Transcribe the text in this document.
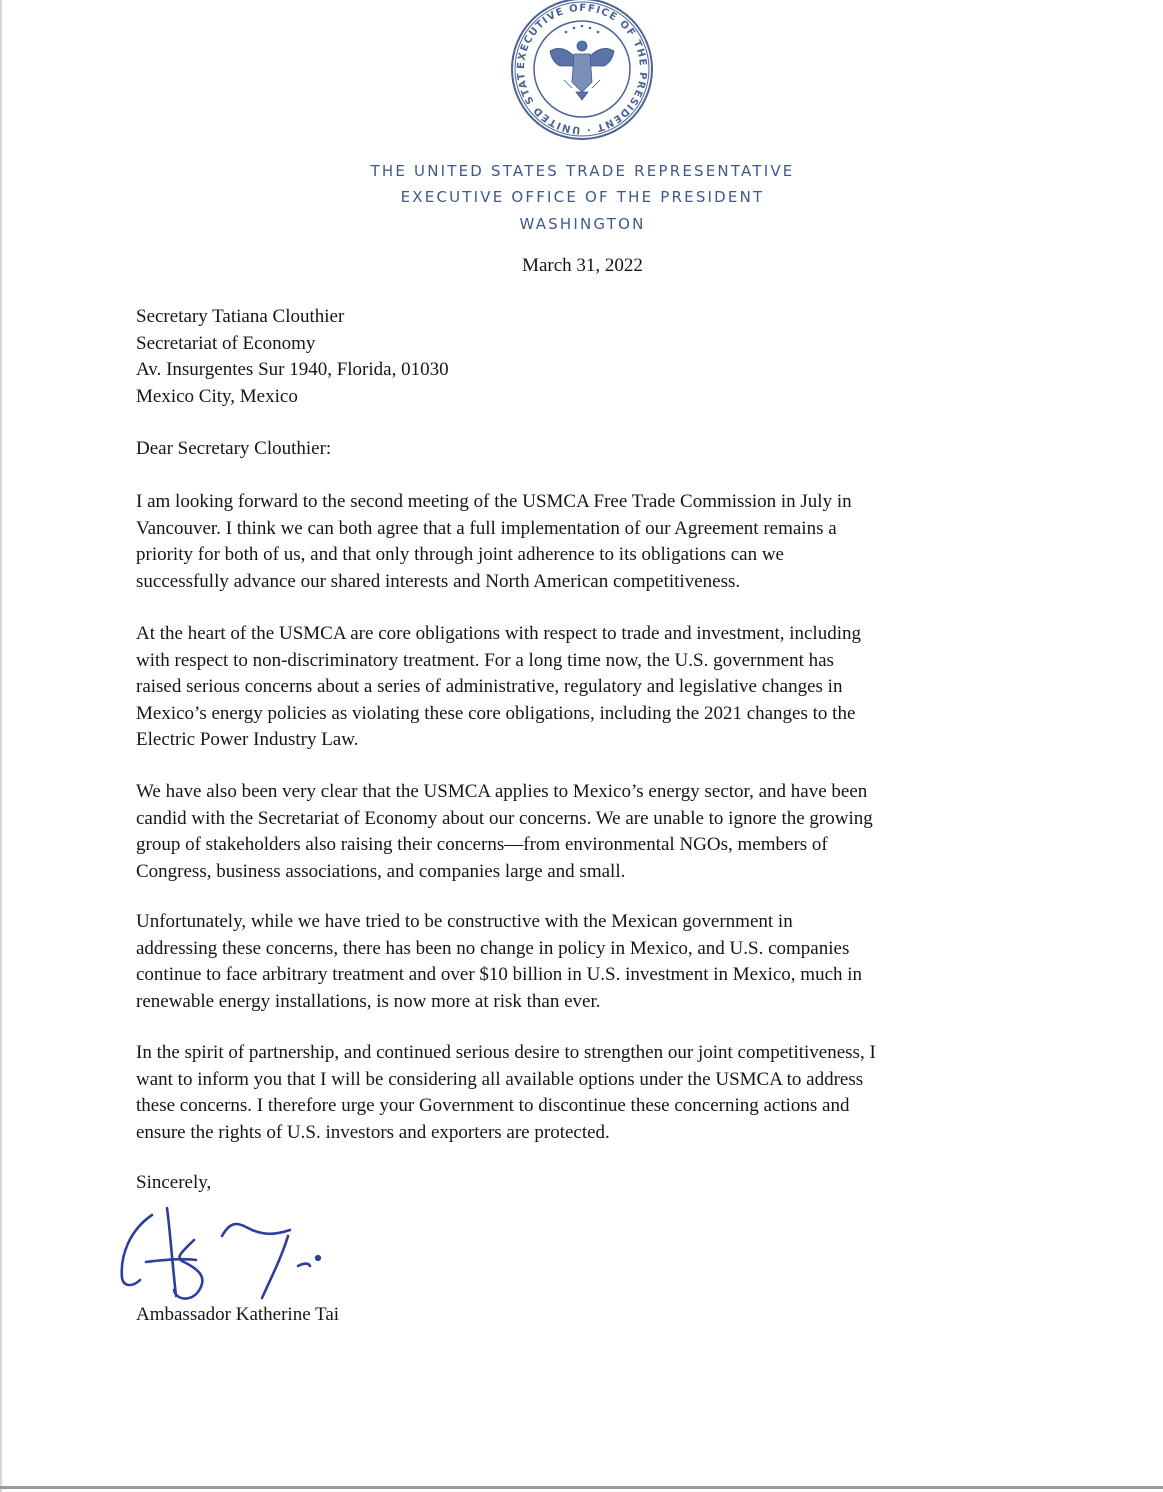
EXECUTIVE OFFICE OF THE PRESIDENT · UNITED STAT
THE UNITED STATES TRADE REPRESENTATIVE
EXECUTIVE OFFICE OF THE PRESIDENT
WASHINGTON
March 31, 2022
Secretary Tatiana Clouthier
Secretariat of Economy
Av. Insurgentes Sur 1940, Florida, 01030
Mexico City, Mexico
Dear Secretary Clouthier:
I am looking forward to the second meeting of the USMCA Free Trade Commission in July in
Vancouver. I think we can both agree that a full implementation of our Agreement remains a
priority for both of us, and that only through joint adherence to its obligations can we
successfully advance our shared interests and North American competitiveness.
At the heart of the USMCA are core obligations with respect to trade and investment, including
with respect to non-discriminatory treatment. For a long time now, the U.S. government has
raised serious concerns about a series of administrative, regulatory and legislative changes in
Mexico’s energy policies as violating these core obligations, including the 2021 changes to the
Electric Power Industry Law.
We have also been very clear that the USMCA applies to Mexico’s energy sector, and have been
candid with the Secretariat of Economy about our concerns. We are unable to ignore the growing
group of stakeholders also raising their concerns—from environmental NGOs, members of
Congress, business associations, and companies large and small.
Unfortunately, while we have tried to be constructive with the Mexican government in
addressing these concerns, there has been no change in policy in Mexico, and U.S. companies
continue to face arbitrary treatment and over $10 billion in U.S. investment in Mexico, much in
renewable energy installations, is now more at risk than ever.
In the spirit of partnership, and continued serious desire to strengthen our joint competitiveness, I
want to inform you that I will be considering all available options under the USMCA to address
these concerns. I therefore urge your Government to discontinue these concerning actions and
ensure the rights of U.S. investors and exporters are protected.
Sincerely,
Ambassador Katherine Tai
